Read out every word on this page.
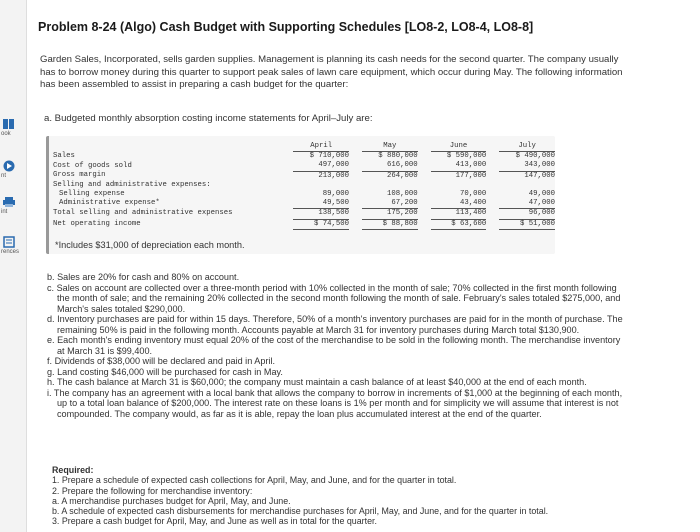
ook
nt
int
rences
Problem 8-24 (Algo) Cash Budget with Supporting Schedules [LO8-2, LO8-4, LO8-8]
Garden Sales, Incorporated, sells garden supplies. Management is planning its cash needs for the second quarter. The company usually has to borrow money during this quarter to support peak sales of lawn care equipment, which occur during May. The following information has been assembled to assist in preparing a cash budget for the quarter:
a. Budgeted monthly absorption costing income statements for April–July are:
	April		May		June		July
Sales	$ 710,000		$ 880,000		$ 590,000		$ 490,000
Cost of goods sold	497,000		616,000		413,000		343,000
Gross margin	213,000		264,000		177,000		147,000
Selling and administrative expenses:							
Selling expense	89,000		108,000		70,000		49,000
Administrative expense*	49,500		67,200		43,400		47,000
Total selling and administrative expenses	138,500		175,200		113,400		96,000
Net operating income	$ 74,500		$ 88,800		$ 63,600		$ 51,000
*Includes $31,000 of depreciation each month.

b. Sales are 20% for cash and 80% on account.

c. Sales on account are collected over a three-month period with 10% collected in the month of sale; 70% collected in the first month following the month of sale; and the remaining 20% collected in the second month following the month of sale. February's sales totaled $275,000, and March's sales totaled $290,000.

d. Inventory purchases are paid for within 15 days. Therefore, 50% of a month's inventory purchases are paid for in the month of purchase. The remaining 50% is paid in the following month. Accounts payable at March 31 for inventory purchases during March total $130,900.

e. Each month's ending inventory must equal 20% of the cost of the merchandise to be sold in the following month. The merchandise inventory at March 31 is $99,400.

f. Dividends of $38,000 will be declared and paid in April.

g. Land costing $46,000 will be purchased for cash in May.

h. The cash balance at March 31 is $60,000; the company must maintain a cash balance of at least $40,000 at the end of each month.

i. The company has an agreement with a local bank that allows the company to borrow in increments of $1,000 at the beginning of each month, up to a total loan balance of $200,000. The interest rate on these loans is 1% per month and for simplicity we will assume that interest is not compounded. The company would, as far as it is able, repay the loan plus accumulated interest at the end of the quarter.

Required:

1. Prepare a schedule of expected cash collections for April, May, and June, and for the quarter in total.

2. Prepare the following for merchandise inventory:

a. A merchandise purchases budget for April, May, and June.

b. A schedule of expected cash disbursements for merchandise purchases for April, May, and June, and for the quarter in total.

3. Prepare a cash budget for April, May, and June as well as in total for the quarter.
